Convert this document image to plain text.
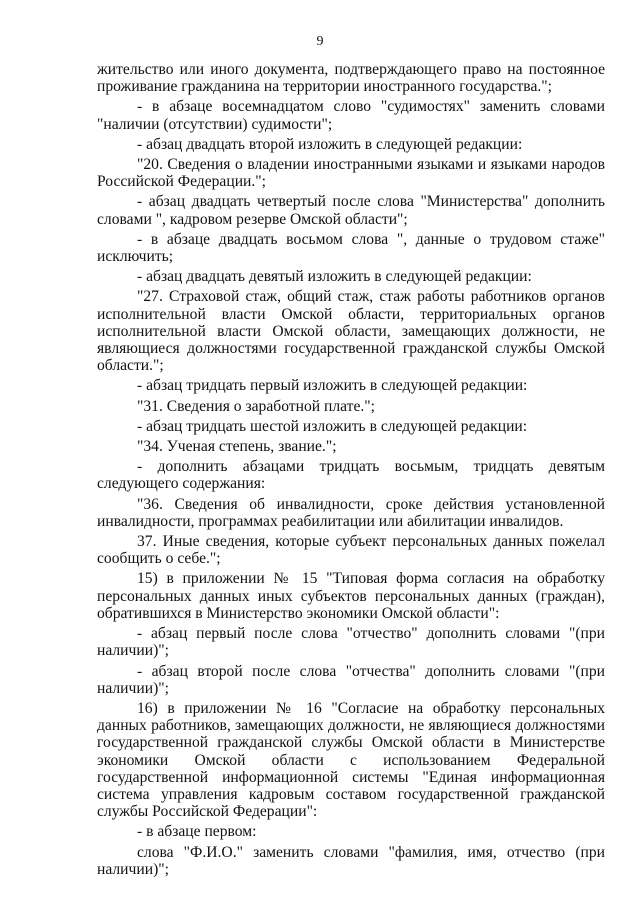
9

жительство или иного документа, подтверждающего право на постоянное проживание гражданина на территории иностранного государства.";

- в абзаце восемнадцатом слово "судимостях" заменить словами "наличии (отсутствии) судимости";

- абзац двадцать второй изложить в следующей редакции:

"20. Сведения о владении иностранными языками и языками народов Российской Федерации.";

- абзац двадцать четвертый после слова "Министерства" дополнить словами ", кадровом резерве Омской области";

- в абзаце двадцать восьмом слова ", данные о трудовом стаже" исключить;

- абзац двадцать девятый изложить в следующей редакции:

"27. Страховой стаж, общий стаж, стаж работы работников органов исполнительной власти Омской области, территориальных органов исполнительной власти Омской области, замещающих должности, не являющиеся должностями государственной гражданской службы Омской области.";

- абзац тридцать первый изложить в следующей редакции:

"31. Сведения о заработной плате.";

- абзац тридцать шестой изложить в следующей редакции:

"34. Ученая степень, звание.";

- дополнить абзацами тридцать восьмым, тридцать девятым следующего содержания:

"36. Сведения об инвалидности, сроке действия установленной инвалидности, программах реабилитации или абилитации инвалидов.

37. Иные сведения, которые субъект персональных данных пожелал сообщить о себе.";

15) в приложении № 15 "Типовая форма согласия на обработку персональных данных иных субъектов персональных данных (граждан), обратившихся в Министерство экономики Омской области":

- абзац первый после слова "отчество" дополнить словами "(при наличии)";

- абзац второй после слова "отчества" дополнить словами "(при наличии)";

16) в приложении № 16 "Согласие на обработку персональных данных работников, замещающих должности, не являющиеся должностями государственной гражданской службы Омской области в Министерстве экономики Омской области с использованием Федеральной государственной информационной системы "Единая информационная система управления кадровым составом государственной гражданской службы Российской Федерации":

- в абзаце первом:

слова "Ф.И.О." заменить словами "фамилия, имя, отчество (при наличии)";
